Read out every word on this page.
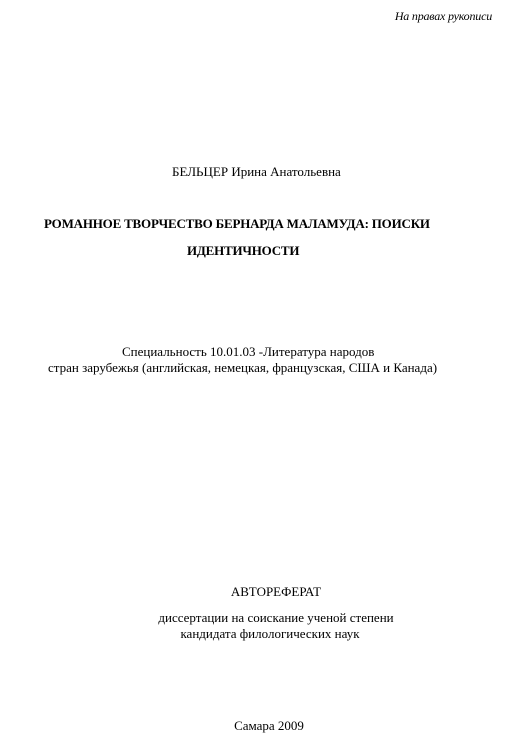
На правах рукописи
БЕЛЬЦЕР Ирина Анатольевна
РОМАННОЕ ТВОРЧЕСТВО БЕРНАРДА МАЛАМУДА: ПОИСКИ
ИДЕНТИЧНОСТИ
Специальность 10.01.03 -Литература народов
стран зарубежья (английская, немецкая, французская, США и Канада)
АВТОРЕФЕРАТ
диссертации на соискание ученой степени
кандидата филологических наук
Самара 2009
